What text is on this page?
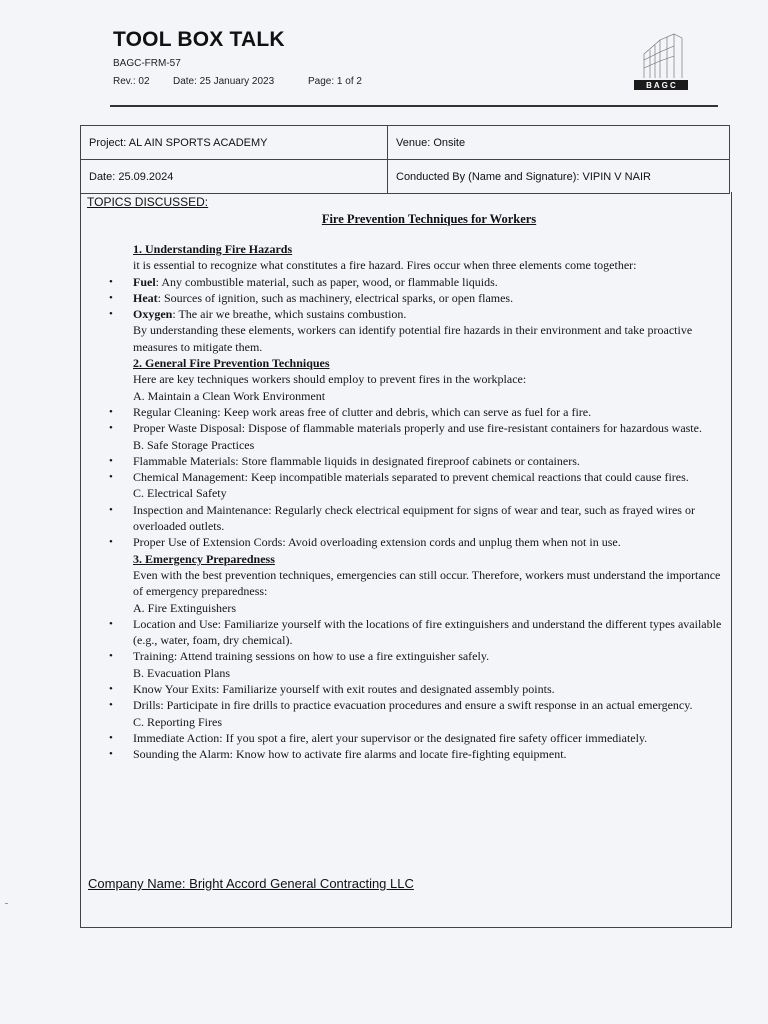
TOOL BOX TALK
BAGC-FRM-57
Rev.: 02 Date: 25 January 2023	Page: 1 of 2	B A G C
Project: AL AIN SPORTS ACADEMY	Venue: Onsite
Date: 25.09.2024	Conducted By (Name and Signature): VIPIN V NAIR
TOPICS DISCUSSED:
Fire Prevention Techniques for Workers

1. Understanding Fire Hazards

it is essential to recognize what constitutes a fire hazard. Fires occur when three elements come together:

• Fuel: Any combustible material, such as paper, wood, or flammable liquids.

• Heat: Sources of ignition, such as machinery, electrical sparks, or open flames.

• Oxygen: The air we breathe, which sustains combustion.

By understanding these elements, workers can identify potential fire hazards in their environment and take proactive measures to mitigate them.

2. General Fire Prevention Techniques

Here are key techniques workers should employ to prevent fires in the workplace:

A. Maintain a Clean Work Environment

• Regular Cleaning: Keep work areas free of clutter and debris, which can serve as fuel for a fire.

• Proper Waste Disposal: Dispose of flammable materials properly and use fire-resistant containers for hazardous waste.

B. Safe Storage Practices

• Flammable Materials: Store flammable liquids in designated fireproof cabinets or containers.

• Chemical Management: Keep incompatible materials separated to prevent chemical reactions that could cause fires.

C. Electrical Safety

• Inspection and Maintenance: Regularly check electrical equipment for signs of wear and tear, such as frayed wires or overloaded outlets.

• Proper Use of Extension Cords: Avoid overloading extension cords and unplug them when not in use.

3. Emergency Preparedness

Even with the best prevention techniques, emergencies can still occur. Therefore, workers must understand the importance of emergency preparedness:

A. Fire Extinguishers

• Location and Use: Familiarize yourself with the locations of fire extinguishers and understand the different types available (e.g., water, foam, dry chemical).

• Training: Attend training sessions on how to use a fire extinguisher safely.

B. Evacuation Plans

• Know Your Exits: Familiarize yourself with exit routes and designated assembly points.

• Drills: Participate in fire drills to practice evacuation procedures and ensure a swift response in an actual emergency.

C. Reporting Fires

• Immediate Action: If you spot a fire, alert your supervisor or the designated fire safety officer immediately.

• Sounding the Alarm: Know how to activate fire alarms and locate fire-fighting equipment.

Company Name: Bright Accord General Contracting LLC
